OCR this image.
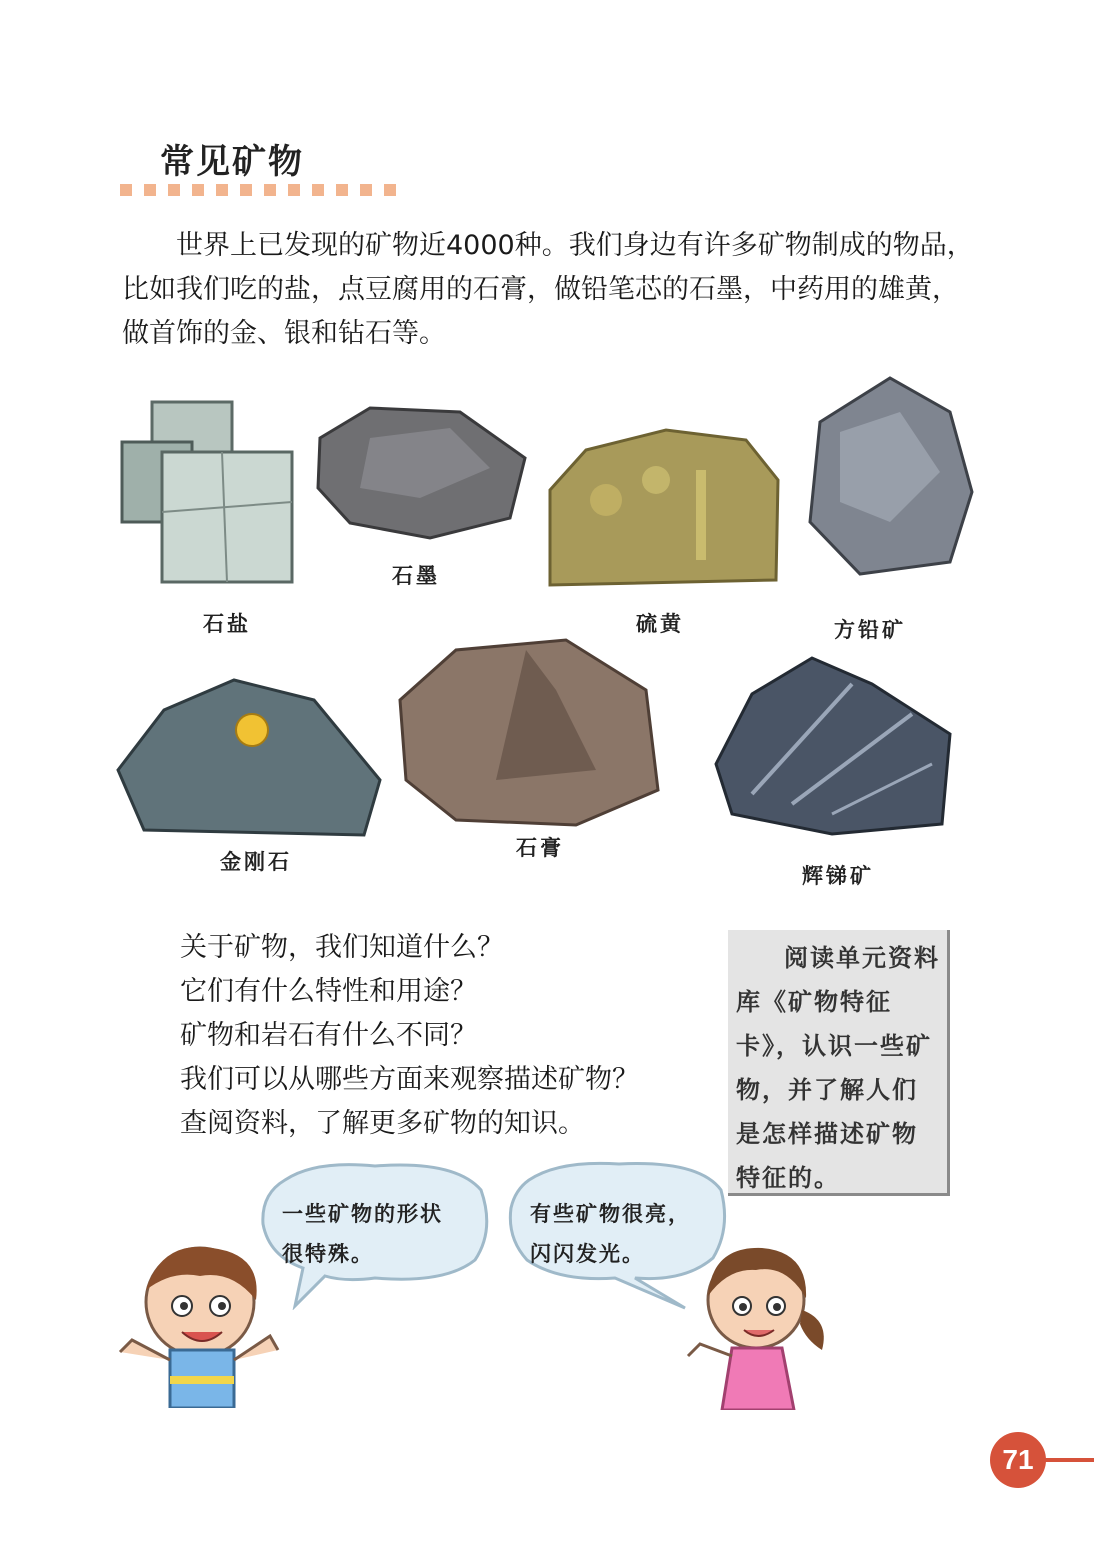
常见矿物

世界上已发现的矿物近4000种。我们身边有许多矿物制成的物品，比如我们吃的盐，点豆腐用的石膏，做铅笔芯的石墨，中药用的雄黄，做首饰的金、银和钻石等。

石盐
石墨
硫黄	方铅矿
金刚石
石膏
辉锑矿
关于矿物，我们知道什么？
它们有什么特性和用途？
矿物和岩石有什么不同？
我们可以从哪些方面来观察描述矿物？
查阅资料，了解更多矿物的知识。
阅读单元资料库《矿物特征卡》，认识一些矿物，并了解人们是怎样描述矿物特征的。
一些矿物的形状
很特殊。
有些矿物很亮，
闪闪发光。
71
